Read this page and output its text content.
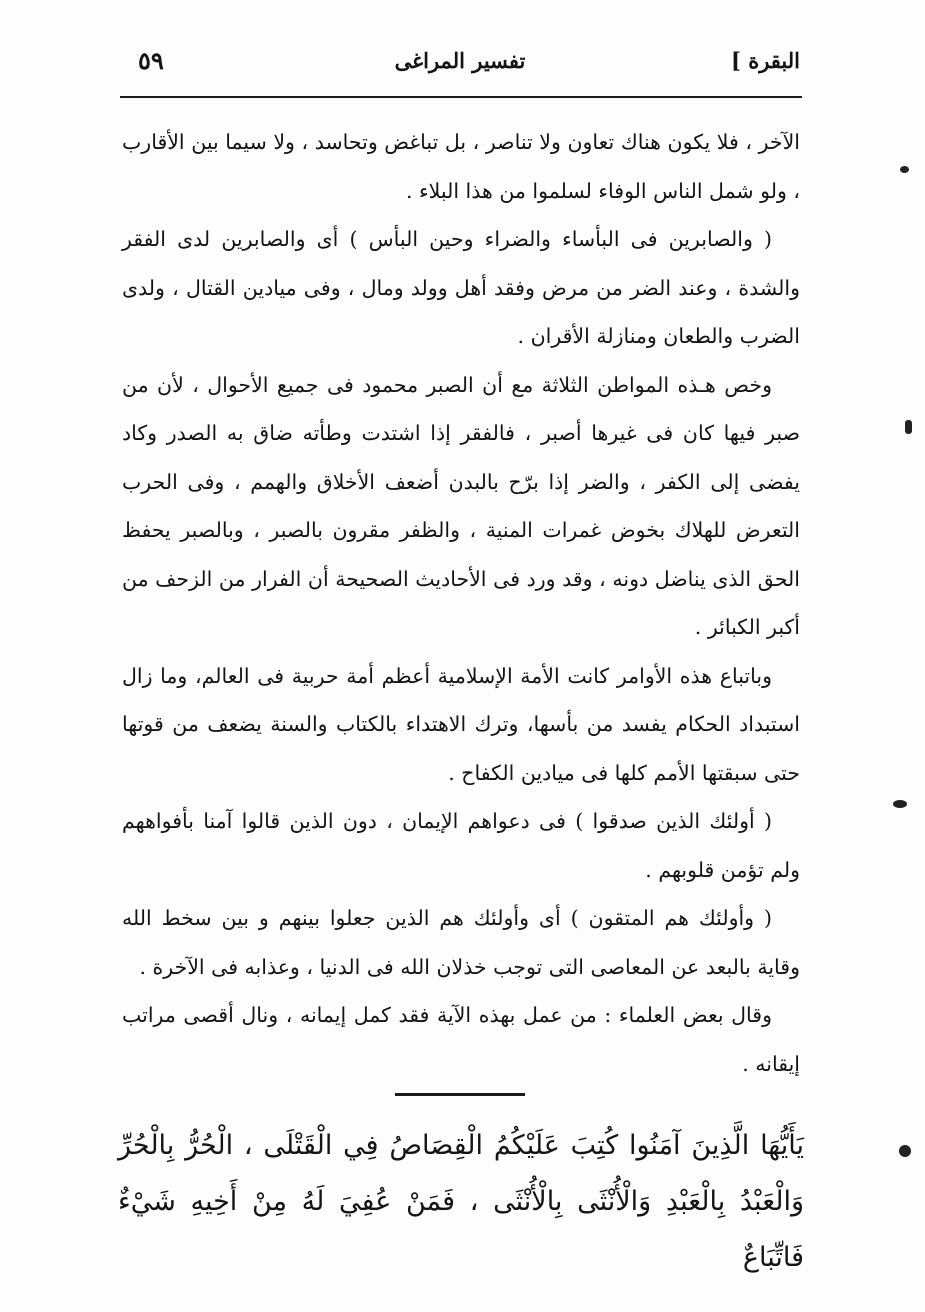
البقرة ]
تفسير المراغى
٥٩

الآخر ، فلا يكون هناك تعاون ولا تناصر ، بل تباغض وتحاسد ، ولا سيما بين الأقارب ، ولو شمل الناس الوفاء لسلموا من هذا البلاء .

( والصابرين فى البأساء والضراء وحين البأس ) أى والصابرين لدى الفقر والشدة ، وعند الضر من مرض وفقد أهل وولد ومال ، وفى ميادين القتال ، ولدى الضرب والطعان ومنازلة الأقران .

وخص هـذه المواطن الثلاثة مع أن الصبر محمود فى جميع الأحوال ، لأن من صبر فيها كان فى غيرها أصبر ، فالفقر إذا اشتدت وطأته ضاق به الصدر وكاد يفضى إلى الكفر ، والضر إذا برّح بالبدن أضعف الأخلاق والهمم ، وفى الحرب التعرض للهلاك بخوض غمرات المنية ، والظفر مقرون بالصبر ، وبالصبر يحفظ الحق الذى يناضل دونه ، وقد ورد فى الأحاديث الصحيحة أن الفرار من الزحف من أكبر الكبائر .

وباتباع هذه الأوامر كانت الأمة الإسلامية أعظم أمة حربية فى العالم، وما زال استبداد الحكام يفسد من بأسها، وترك الاهتداء بالكتاب والسنة يضعف من قوتها حتى سبقتها الأمم كلها فى ميادين الكفاح .

( أولئك الذين صدقوا ) فى دعواهم الإيمان ، دون الذين قالوا آمنا بأفواههم ولم تؤمن قلوبهم .

( وأولئك هم المتقون ) أى وأولئك هم الذين جعلوا بينهم و بين سخط الله وقاية بالبعد عن المعاصى التى توجب خذلان الله فى الدنيا ، وعذابه فى الآخرة .

وقال بعض العلماء : من عمل بهذه الآية فقد كمل إيمانه ، ونال أقصى مراتب إيقانه .

يَأَيُّهَا الَّذِينَ آمَنُوا كُتِبَ عَلَيْكُمُ الْقِصَاصُ فِي الْقَتْلَى ، الْحُرُّ بِالْحُرِّ وَالْعَبْدُ بِالْعَبْدِ وَالْأُنْثَى بِالْأُنْثَى ، فَمَنْ عُفِيَ لَهُ مِنْ أَخِيهِ شَيْءٌ فَاتِّبَاعٌ
